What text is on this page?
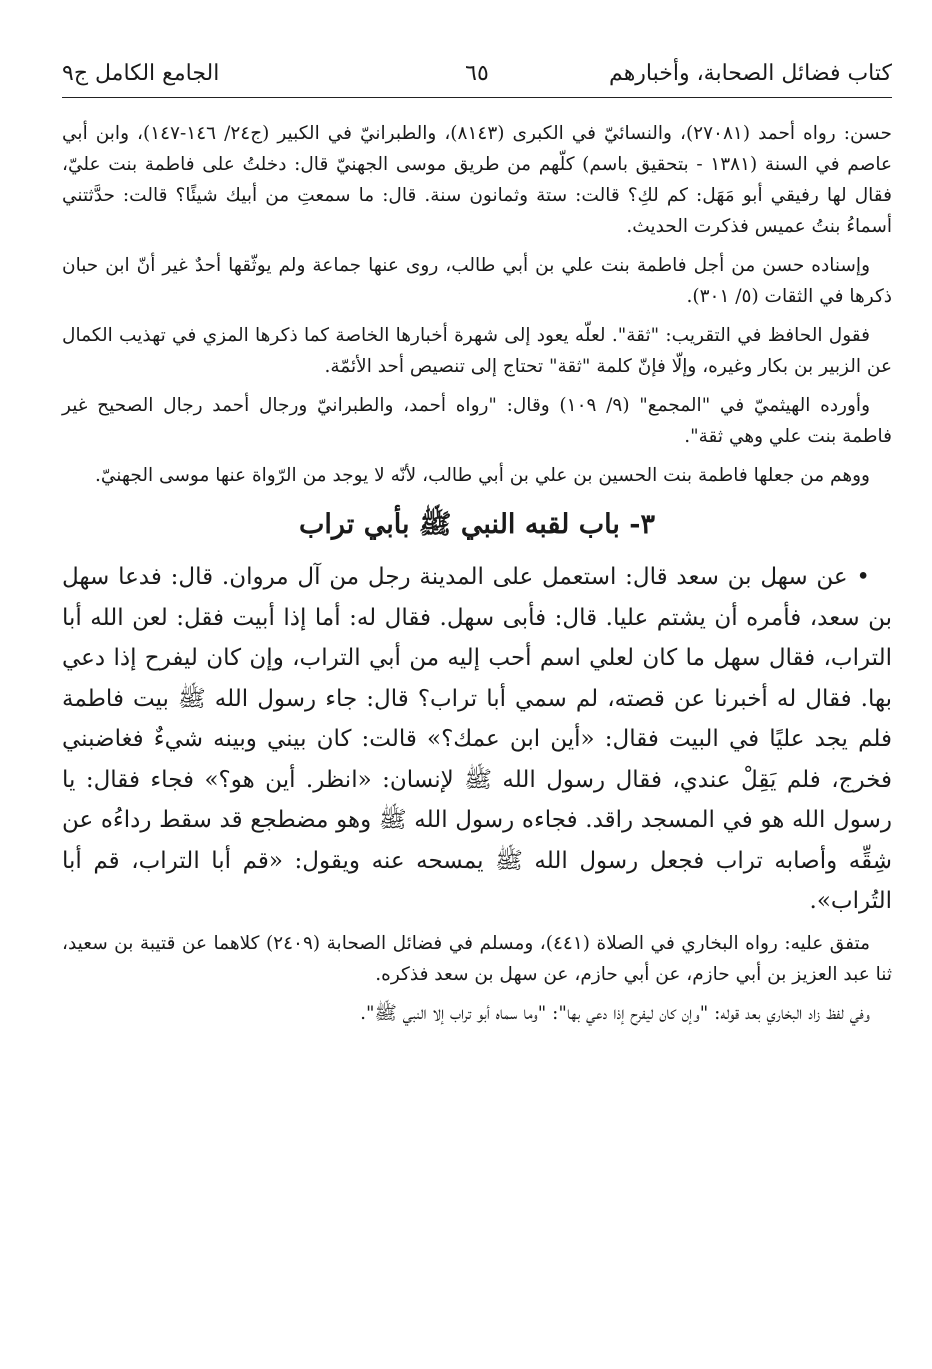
كتاب فضائل الصحابة، وأخبارهم
٦٥
الجامع الكامل ج٩

حسن: رواه أحمد (٢٧٠٨١)، والنسائيّ في الكبرى (٨١٤٣)، والطبرانيّ في الكبير (ج٢٤/ ١٤٦-١٤٧)، وابن أبي عاصم في السنة (١٣٨١ - بتحقيق باسم) كلّهم من طريق موسى الجهنيّ قال: دخلتُ على فاطمة بنت عليّ، فقال لها رفيقي أبو مَهَل: كم لكِ؟ قالت: ستة وثمانون سنة. قال: ما سمعتِ من أبيك شيئًا؟ قالت: حدَّثتني أسماءُ بنتُ عميس فذكرت الحديث.

وإسناده حسن من أجل فاطمة بنت علي بن أبي طالب، روى عنها جماعة ولم يوثّقها أحدٌ غير أنّ ابن حبان ذكرها في الثقات (٥/ ٣٠١).

فقول الحافظ في التقريب: "ثقة". لعلّه يعود إلى شهرة أخبارها الخاصة كما ذكرها المزي في تهذيب الكمال عن الزبير بن بكار وغيره، وإلّا فإنّ كلمة "ثقة" تحتاج إلى تنصيص أحد الأئمّة.

وأورده الهيثميّ في "المجمع" (٩/ ١٠٩) وقال: "رواه أحمد، والطبرانيّ ورجال أحمد رجال الصحيح غير فاطمة بنت علي وهي ثقة".

ووهم من جعلها فاطمة بنت الحسين بن علي بن أبي طالب، لأنّه لا يوجد من الرّواة عنها موسى الجهنيّ.

٣- باب لقبه النبي ﷺ بأبي تراب

• عن سهل بن سعد قال: استعمل على المدينة رجل من آل مروان. قال: فدعا سهل بن سعد، فأمره أن يشتم عليا. قال: فأبى سهل. فقال له: أما إذا أبيت فقل: لعن الله أبا التراب، فقال سهل ما كان لعلي اسم أحب إليه من أبي التراب، وإن كان ليفرح إذا دعي بها. فقال له أخبرنا عن قصته، لم سمي أبا تراب؟ قال: جاء رسول الله ﷺ بيت فاطمة فلم يجد عليًا في البيت فقال: «أين ابن عمك؟» قالت: كان بيني وبينه شيءٌ فغاضبني فخرج، فلم يَقِلْ عندي، فقال رسول الله ﷺ لإنسان: «انظر. أين هو؟» فجاء فقال: يا رسول الله هو في المسجد راقد. فجاءه رسول الله ﷺ وهو مضطجع قد سقط رداءُه عن شِقِّه وأصابه تراب فجعل رسول الله ﷺ يمسحه عنه ويقول: «قم أبا التراب، قم أبا التُراب».

متفق عليه: رواه البخاري في الصلاة (٤٤١)، ومسلم في فضائل الصحابة (٢٤٠٩) كلاهما عن قتيبة بن سعيد، ثنا عبد العزيز بن أبي حازم، عن أبي حازم، عن سهل بن سعد فذكره.

وفي لفظ زاد البخاري بعد قوله: "وإن كان ليفرح إذا دعي بها": "وما سماه أبو تراب إلا النبي ﷺ".
